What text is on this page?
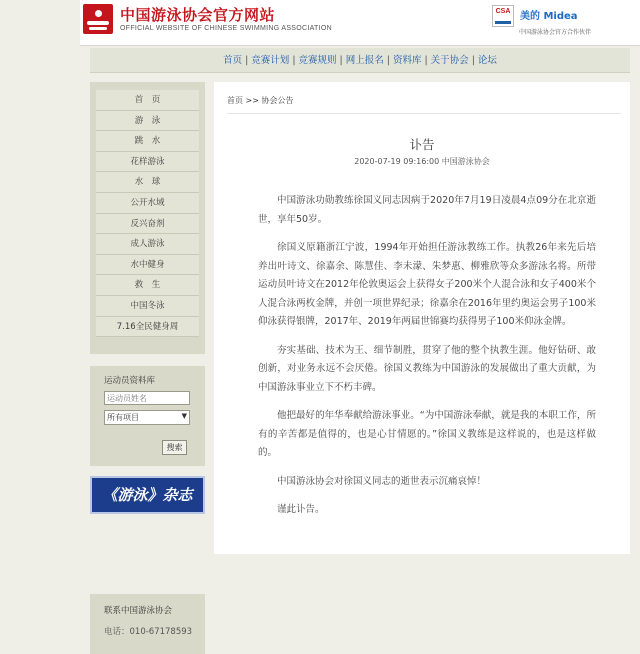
中国游泳协会官方网站
OFFICIAL WEBSITE OF CHINESE SWIMMING ASSOCIATION
CSA 美的 Midea
中国游泳协会官方合作伙伴
首页 | 竞赛计划 | 竞赛规则 | 网上报名 | 资料库 | 关于协会 | 论坛
首　页
游　泳
跳　水
花样游泳
水　球
公开水域
反兴奋剂
成人游泳
水中健身
救　生
中国冬泳
7.16全民健身周
运动员资料库
运动员姓名
所有项目	▼
搜索
《游泳》杂志
联系中国游泳协会
电话：010-67178593
首页 >> 协会公告
讣告
2020-07-19 09:16:00 中国游泳协会

中国游泳功勋教练徐国义同志因病于2020年7月19日凌晨4点09分在北京逝世，享年50岁。

徐国义原籍浙江宁波，1994年开始担任游泳教练工作。执教26年来先后培养出叶诗文、徐嘉余、陈慧佳、李未濛、朱梦惠、柳雅欣等众多游泳名将。所带运动员叶诗文在2012年伦敦奥运会上获得女子200米个人混合泳和女子400米个人混合泳两枚金牌，并创一项世界纪录；徐嘉余在2016年里约奥运会男子100米仰泳获得银牌，2017年、2019年两届世锦赛均获得男子100米仰泳金牌。

夯实基础、技术为王、细节制胜，贯穿了他的整个执教生涯。他好钻研、敢创新，对业务永远不会厌倦。徐国义教练为中国游泳的发展做出了重大贡献，为中国游泳事业立下不朽丰碑。

他把最好的年华奉献给游泳事业。“为中国游泳奉献，就是我的本职工作，所有的辛苦都是值得的，也是心甘情愿的。”徐国义教练是这样说的，也是这样做的。

中国游泳协会对徐国义同志的逝世表示沉痛哀悼！

谨此讣告。
